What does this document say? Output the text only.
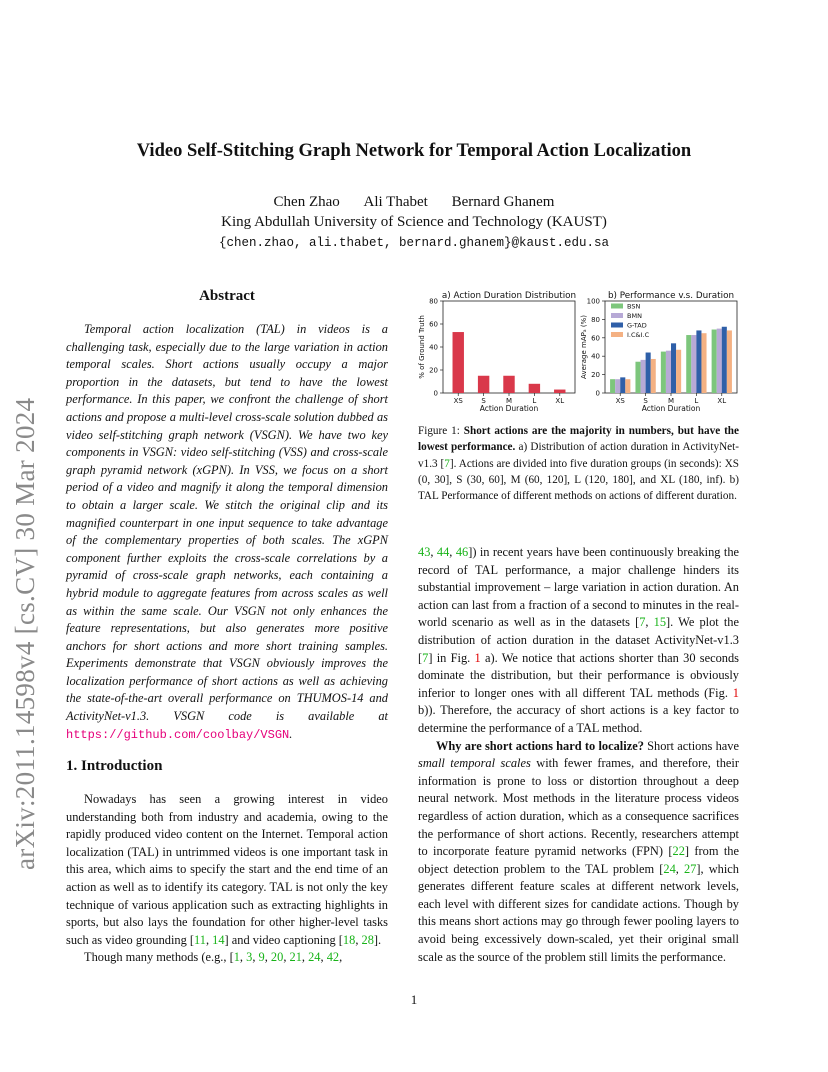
arXiv:2011.14598v4 [cs.CV] 30 Mar 2024
Video Self-Stitching Graph Network for Temporal Action Localization
Chen Zhao Ali Thabet Bernard Ghanem
King Abdullah University of Science and Technology (KAUST)
{chen.zhao, ali.thabet, bernard.ghanem}@kaust.edu.sa
Abstract
Temporal action localization (TAL) in videos is a challenging task, especially due to the large variation in action temporal scales. Short actions usually occupy a major proportion in the datasets, but tend to have the lowest performance. In this paper, we confront the challenge of short actions and propose a multi-level cross-scale solution dubbed as video self-stitching graph network (VSGN). We have two key components in VSGN: video self-stitching (VSS) and cross-scale graph pyramid network (xGPN). In VSS, we focus on a short period of a video and magnify it along the temporal dimension to obtain a larger scale. We stitch the original clip and its magnified counterpart in one input sequence to take advantage of the complementary properties of both scales. The xGPN component further exploits the cross-scale correlations by a pyramid of cross-scale graph networks, each containing a hybrid module to aggregate features from across scales as well as within the same scale. Our VSGN not only enhances the feature representations, but also generates more positive anchors for short actions and more short training samples. Experiments demonstrate that VSGN obviously improves the localization performance of short actions as well as achieving the state-of-the-art overall performance on THUMOS-14 and ActivityNet-v1.3. VSGN code is available at https://github.com/coolbay/VSGN.
1. Introduction

Nowadays has seen a growing interest in video understanding both from industry and academia, owing to the rapidly produced video content on the Internet. Temporal action localization (TAL) in untrimmed videos is one important task in this area, which aims to specify the start and the end time of an action as well as to identify its category. TAL is not only the key technique of various application such as extracting highlights in sports, but also lays the foundation for other higher-level tasks such as video grounding [11, 14] and video captioning [18, 28].

Though many methods (e.g., [1, 3, 9, 20, 21, 24, 42,

a) Action Duration Distribution
0
20
40
60
80
% of Ground Truth
Action Duration
XS	S	M	L	XL
b) Performance v.s. Duration
0
20
40
60
80
100
Average mAPₐ (%)
Action Duration
XS	S	M	L	XL
BSN
BMN
G-TAD
I.C&I.C
Figure 1: Short actions are the majority in numbers, but have the lowest performance. a) Distribution of action duration in ActivityNet-v1.3 [7]. Actions are divided into five duration groups (in seconds): XS (0, 30], S (30, 60], M (60, 120], L (120, 180], and XL (180, inf). b) TAL Performance of different methods on actions of different duration.

43, 44, 46]) in recent years have been continuously breaking the record of TAL performance, a major challenge hinders its substantial improvement – large variation in action duration. An action can last from a fraction of a second to minutes in the real-world scenario as well as in the datasets [7, 15]. We plot the distribution of action duration in the dataset ActivityNet-v1.3 [7] in Fig. 1 a). We notice that actions shorter than 30 seconds dominate the distribution, but their performance is obviously inferior to longer ones with all different TAL methods (Fig. 1 b)). Therefore, the accuracy of short actions is a key factor to determine the performance of a TAL method.

Why are short actions hard to localize? Short actions have small temporal scales with fewer frames, and therefore, their information is prone to loss or distortion throughout a deep neural network. Most methods in the literature process videos regardless of action duration, which as a consequence sacrifices the performance of short actions. Recently, researchers attempt to incorporate feature pyramid networks (FPN) [22] from the object detection problem to the TAL problem [24, 27], which generates different feature scales at different network levels, each level with different sizes for candidate actions. Though by this means short actions may go through fewer pooling layers to avoid being excessively down-scaled, yet their original small scale as the source of the problem still limits the performance.

1
